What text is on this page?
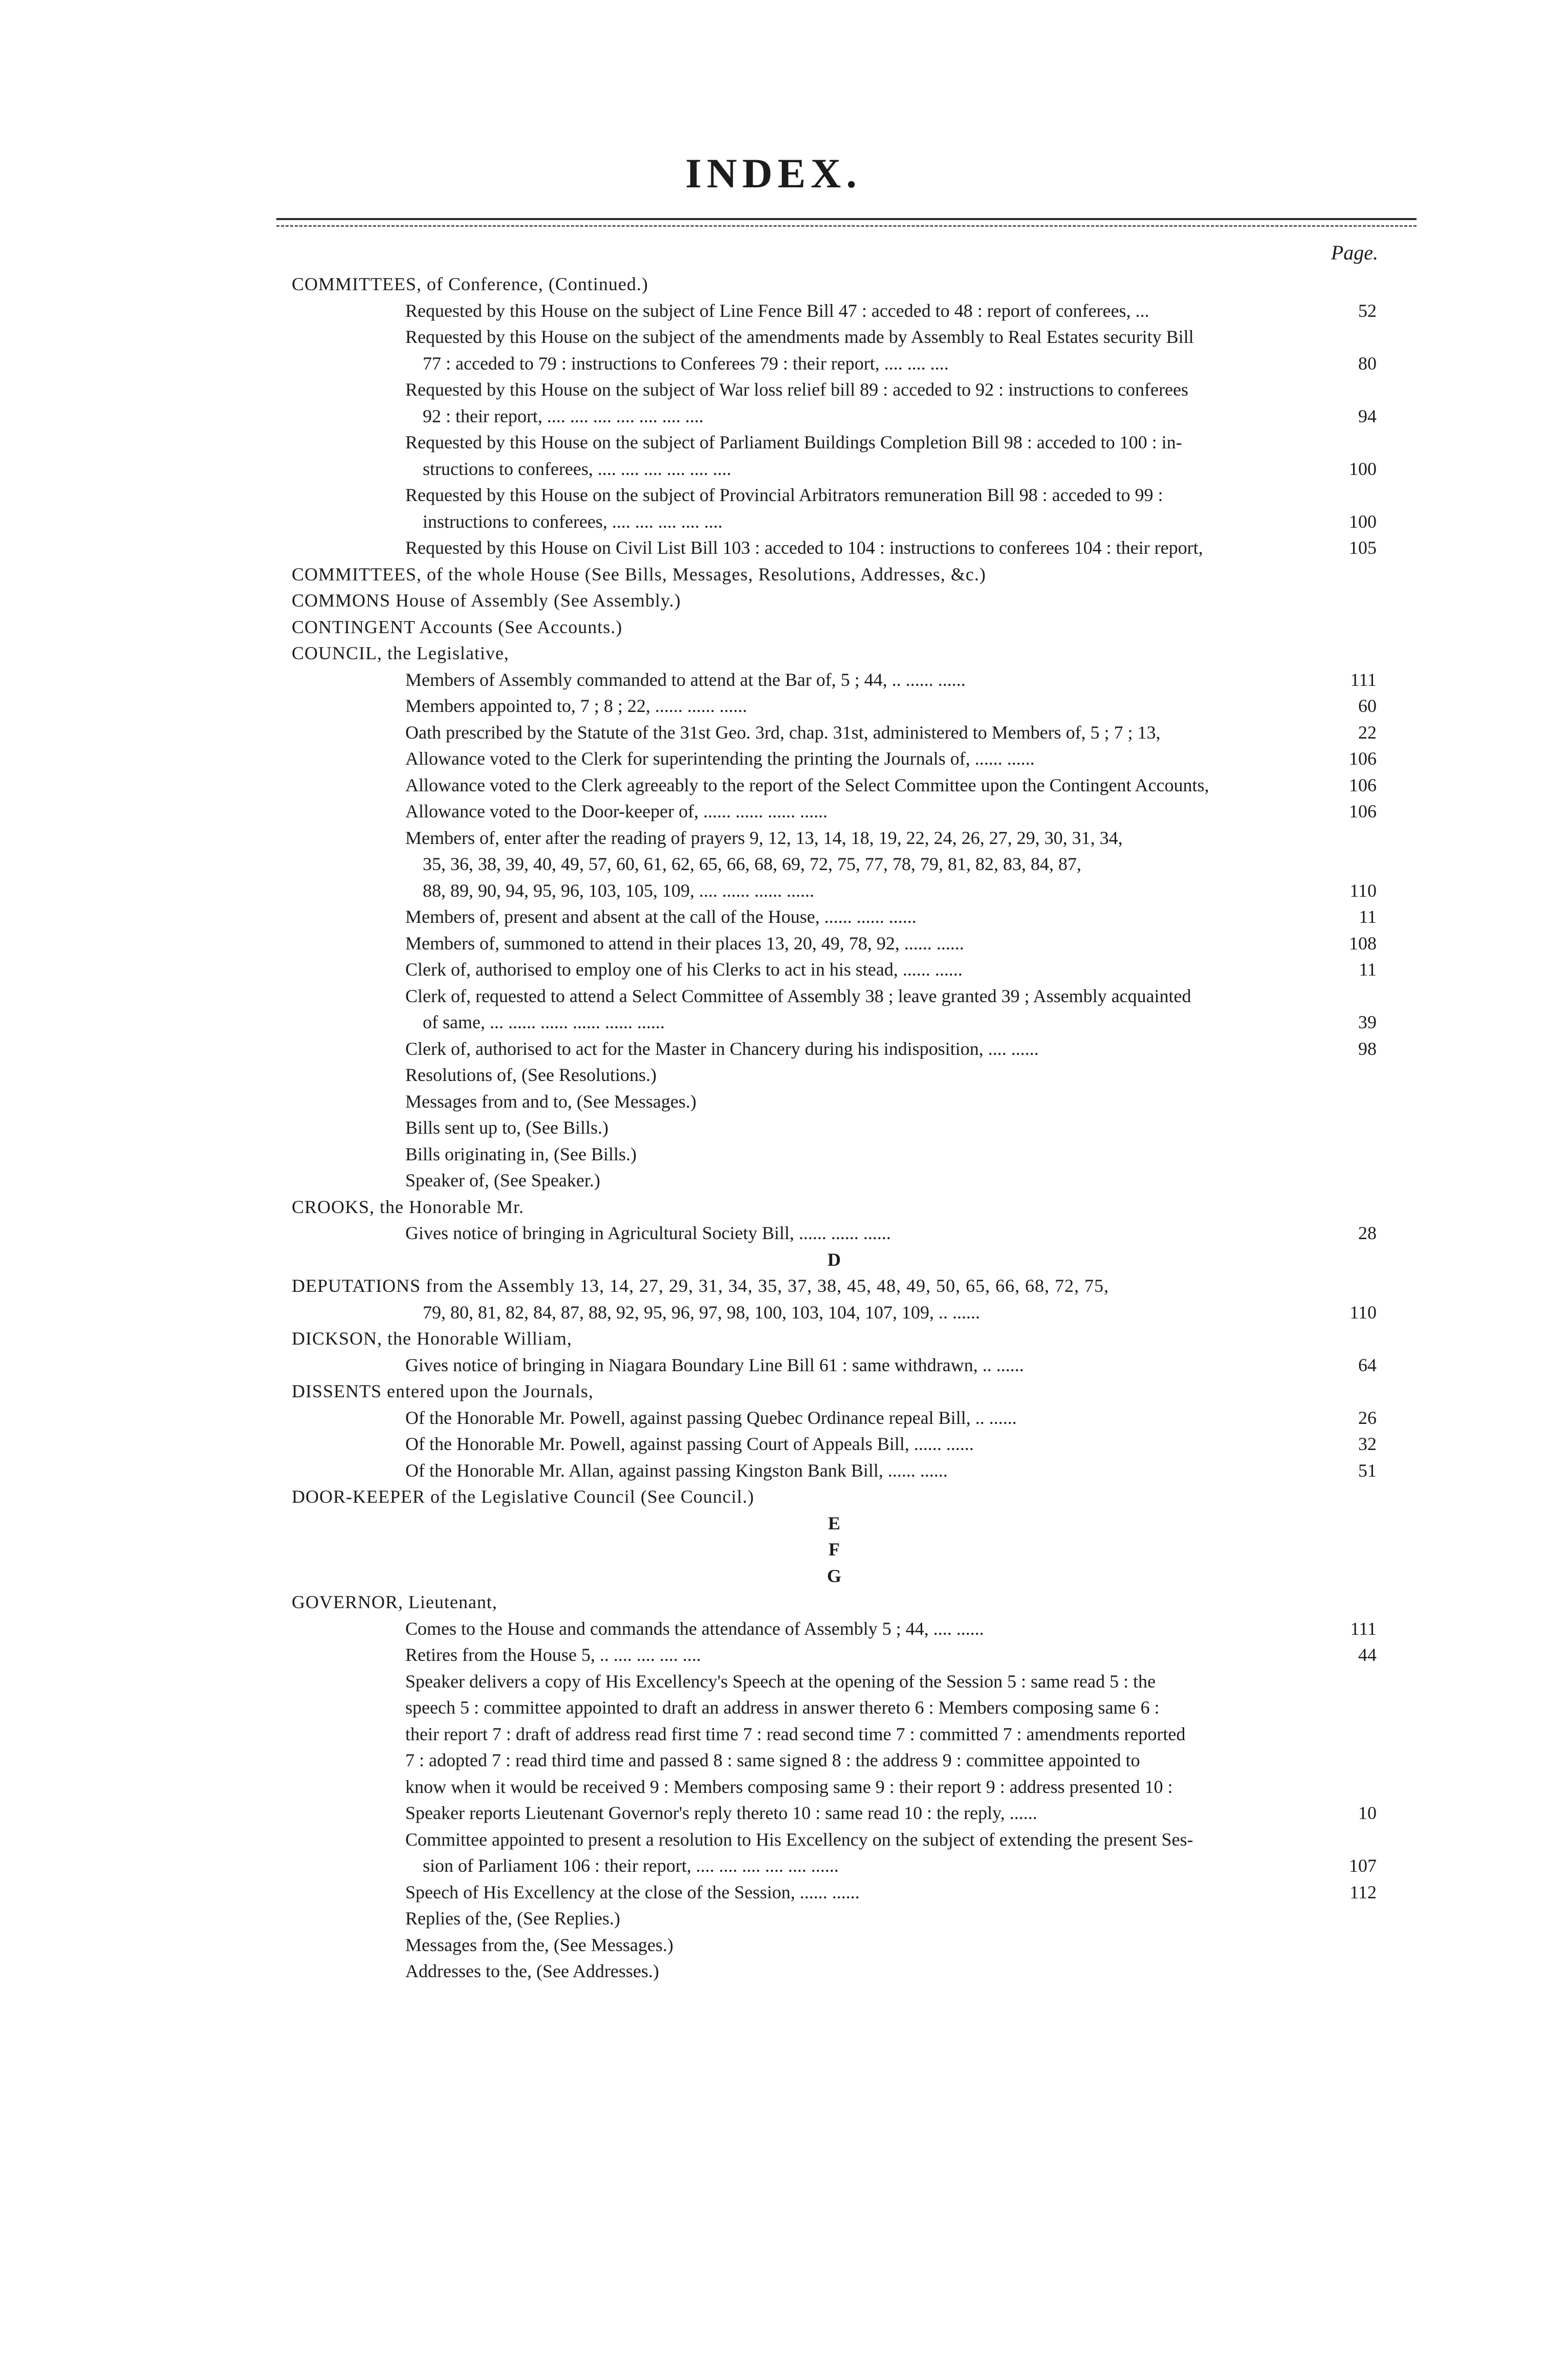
INDEX.
Page.
COMMITTEES, of Conference, (Continued.)
Requested by this House on the subject of Line Fence Bill 47 : acceded to 48 : report of conferees, ...	52
Requested by this House on the subject of the amendments made by Assembly to Real Estates security Bill
77 : acceded to 79 : instructions to Conferees 79 : their report, .... .... ....	80
Requested by this House on the subject of War loss relief bill 89 : acceded to 92 : instructions to conferees
92 : their report, .... .... .... .... .... .... ....	94
Requested by this House on the subject of Parliament Buildings Completion Bill 98 : acceded to 100 : in-
structions to conferees, .... .... .... .... .... ....	100
Requested by this House on the subject of Provincial Arbitrators remuneration Bill 98 : acceded to 99 :
instructions to conferees, .... .... .... .... ....	100
Requested by this House on Civil List Bill 103 : acceded to 104 : instructions to conferees 104 : their report,	105
COMMITTEES, of the whole House (See Bills, Messages, Resolutions, Addresses, &c.)
COMMONS House of Assembly (See Assembly.)
CONTINGENT Accounts (See Accounts.)
COUNCIL, the Legislative,
Members of Assembly commanded to attend at the Bar of, 5 ; 44, .. ...... ......	111
Members appointed to, 7 ; 8 ; 22, ...... ...... ......	60
Oath prescribed by the Statute of the 31st Geo. 3rd, chap. 31st, administered to Members of, 5 ; 7 ; 13,	22
Allowance voted to the Clerk for superintending the printing the Journals of, ...... ......	106
Allowance voted to the Clerk agreeably to the report of the Select Committee upon the Contingent Accounts,	106
Allowance voted to the Door-keeper of, ...... ...... ...... ......	106
Members of, enter after the reading of prayers 9, 12, 13, 14, 18, 19, 22, 24, 26, 27, 29, 30, 31, 34,
35, 36, 38, 39, 40, 49, 57, 60, 61, 62, 65, 66, 68, 69, 72, 75, 77, 78, 79, 81, 82, 83, 84, 87,
88, 89, 90, 94, 95, 96, 103, 105, 109, .... ...... ...... ......	110
Members of, present and absent at the call of the House, ...... ...... ......	11
Members of, summoned to attend in their places 13, 20, 49, 78, 92, ...... ......	108
Clerk of, authorised to employ one of his Clerks to act in his stead, ...... ......	11
Clerk of, requested to attend a Select Committee of Assembly 38 ; leave granted 39 ; Assembly acquainted
of same, ... ...... ...... ...... ...... ......	39
Clerk of, authorised to act for the Master in Chancery during his indisposition, .... ......	98
Resolutions of, (See Resolutions.)
Messages from and to, (See Messages.)
Bills sent up to, (See Bills.)
Bills originating in, (See Bills.)
Speaker of, (See Speaker.)
CROOKS, the Honorable Mr.
Gives notice of bringing in Agricultural Society Bill, ...... ...... ......	28
D
DEPUTATIONS from the Assembly 13, 14, 27, 29, 31, 34, 35, 37, 38, 45, 48, 49, 50, 65, 66, 68, 72, 75,
79, 80, 81, 82, 84, 87, 88, 92, 95, 96, 97, 98, 100, 103, 104, 107, 109, .. ......	110
DICKSON, the Honorable William,
Gives notice of bringing in Niagara Boundary Line Bill 61 : same withdrawn, .. ......	64
DISSENTS entered upon the Journals,
Of the Honorable Mr. Powell, against passing Quebec Ordinance repeal Bill, .. ......	26
Of the Honorable Mr. Powell, against passing Court of Appeals Bill, ...... ......	32
Of the Honorable Mr. Allan, against passing Kingston Bank Bill, ...... ......	51
DOOR-KEEPER of the Legislative Council (See Council.)
E
F
G
GOVERNOR, Lieutenant,
Comes to the House and commands the attendance of Assembly 5 ; 44, .... ......	111
Retires from the House 5, .. .... .... .... ....	44
Speaker delivers a copy of His Excellency's Speech at the opening of the Session 5 : same read 5 : the
speech 5 : committee appointed to draft an address in answer thereto 6 : Members composing same 6 :
their report 7 : draft of address read first time 7 : read second time 7 : committed 7 : amendments reported
7 : adopted 7 : read third time and passed 8 : same signed 8 : the address 9 : committee appointed to
know when it would be received 9 : Members composing same 9 : their report 9 : address presented 10 :
Speaker reports Lieutenant Governor's reply thereto 10 : same read 10 : the reply, ......	10
Committee appointed to present a resolution to His Excellency on the subject of extending the present Ses-
sion of Parliament 106 : their report, .... .... .... .... .... ......	107
Speech of His Excellency at the close of the Session, ...... ......	112
Replies of the, (See Replies.)
Messages from the, (See Messages.)
Addresses to the, (See Addresses.)
